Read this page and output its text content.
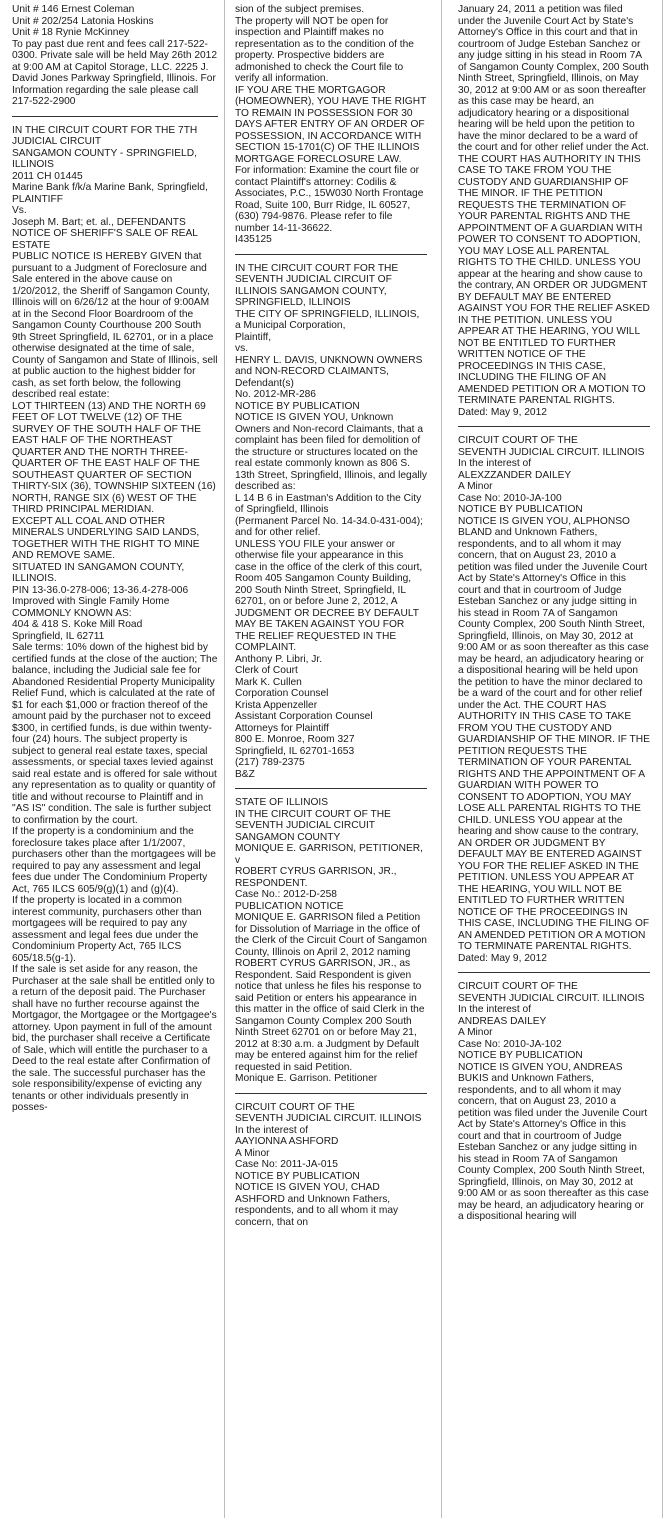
Unit # 146 Ernest Coleman
Unit # 202/254 Latonia Hoskins
Unit # 18 Rynie McKinney
To pay past due rent and fees call 217-522-0300. Private sale will be held May 26th 2012 at 9:00 AM at Capitol Storage, LLC. 2225 J. David Jones Parkway Springfield, Illinois. For Information regarding the sale please call 217-522-2900
IN THE CIRCUIT COURT FOR THE 7TH JUDICIAL CIRCUIT
SANGAMON COUNTY - SPRINGFIELD, ILLINOIS
2011 CH 01445
Marine Bank f/k/a Marine Bank, Springfield, PLAINTIFF
Vs.
Joseph M. Bart; et. al., DEFENDANTS
NOTICE OF SHERIFF'S SALE OF REAL ESTATE
PUBLIC NOTICE IS HEREBY GIVEN that pursuant to a Judgment of Foreclosure and Sale entered in the above cause on 1/20/2012, the Sheriff of Sangamon County, Illinois will on 6/26/12 at the hour of 9:00AM at in the Second Floor Boardroom of the Sangamon County Courthouse 200 South 9th Street Springfield, IL 62701, or in a place otherwise designated at the time of sale, County of Sangamon and State of Illinois, sell at public auction to the highest bidder for cash, as set forth below, the following described real estate:
LOT THIRTEEN (13) AND THE NORTH 69 FEET OF LOT TWELVE (12) OF THE SURVEY OF THE SOUTH HALF OF THE EAST HALF OF THE NORTHEAST QUARTER AND THE NORTH THREE-QUARTER OF THE EAST HALF OF THE SOUTHEAST QUARTER OF SECTION THIRTY-SIX (36), TOWNSHIP SIXTEEN (16) NORTH, RANGE SIX (6) WEST OF THE THIRD PRINCIPAL MERIDIAN.
EXCEPT ALL COAL AND OTHER MINERALS UNDERLYING SAID LANDS, TOGETHER WITH THE RIGHT TO MINE AND REMOVE SAME.
SITUATED IN SANGAMON COUNTY, ILLINOIS.
PIN 13-36.0-278-006; 13-36.4-278-006
Improved with Single Family Home
COMMONLY KNOWN AS:
404 & 418 S. Koke Mill Road
Springfield, IL 62711
Sale terms: 10% down of the highest bid by certified funds at the close of the auction; The balance, including the Judicial sale fee for Abandoned Residential Property Municipality Relief Fund, which is calculated at the rate of $1 for each $1,000 or fraction thereof of the amount paid by the purchaser not to exceed $300, in certified funds, is due within twenty-four (24) hours. The subject property is subject to general real estate taxes, special assessments, or special taxes levied against said real estate and is offered for sale without any representation as to quality or quantity of title and without recourse to Plaintiff and in "AS IS" condition. The sale is further subject to confirmation by the court.
If the property is a condominium and the foreclosure takes place after 1/1/2007, purchasers other than the mortgagees will be required to pay any assessment and legal fees due under The Condominium Property Act, 765 ILCS 605/9(g)(1) and (g)(4).
If the property is located in a common interest community, purchasers other than mortgagees will be required to pay any assessment and legal fees due under the Condominium Property Act, 765 ILCS 605/18.5(g-1).
If the sale is set aside for any reason, the Purchaser at the sale shall be entitled only to a return of the deposit paid. The Purchaser shall have no further recourse against the Mortgagor, the Mortgagee or the Mortgagee's attorney. Upon payment in full of the amount bid, the purchaser shall receive a Certificate of Sale, which will entitle the purchaser to a Deed to the real estate after Confirmation of the sale. The successful purchaser has the sole responsibility/expense of evicting any tenants or other individuals presently in posses-
sion of the subject premises.
The property will NOT be open for inspection and Plaintiff makes no representation as to the condition of the property. Prospective bidders are admonished to check the Court file to verify all information.
IF YOU ARE THE MORTGAGOR (HOMEOWNER), YOU HAVE THE RIGHT TO REMAIN IN POSSESSION FOR 30 DAYS AFTER ENTRY OF AN ORDER OF POSSESSION, IN ACCORDANCE WITH SECTION 15-1701(C) OF THE ILLINOIS MORTGAGE FORECLOSURE LAW.
For information: Examine the court file or contact Plaintiff's attorney: Codilis & Associates, P.C., 15W030 North Frontage Road, Suite 100, Burr Ridge, IL 60527, (630) 794-9876. Please refer to file number 14-11-36622.
I435125
IN THE CIRCUIT COURT FOR THE SEVENTH JUDICIAL CIRCUIT OF ILLINOIS SANGAMON COUNTY, SPRINGFIELD, ILLINOIS
THE CITY OF SPRINGFIELD, ILLINOIS, a Municipal Corporation,
Plaintiff,
vs.
HENRY L. DAVIS, UNKNOWN OWNERS and NON-RECORD CLAIMANTS,
Defendant(s)
No. 2012-MR-286
NOTICE BY PUBLICATION
NOTICE IS GIVEN YOU, Unknown Owners and Non-record Claimants, that a complaint has been filed for demolition of the structure or structures located on the real estate commonly known as 806 S. 13th Street, Springfield, Illinois, and legally described as:
L 14 B 6 in Eastman's Addition to the City of Springfield, Illinois
(Permanent Parcel No. 14-34.0-431-004); and for other relief.
UNLESS YOU FILE your answer or otherwise file your appearance in this case in the office of the clerk of this court, Room 405 Sangamon County Building, 200 South Ninth Street, Springfield, IL 62701, on or before June 2, 2012, A JUDGMENT OR DECREE BY DEFAULT MAY BE TAKEN AGAINST YOU FOR THE RELIEF REQUESTED IN THE COMPLAINT.
Anthony P. Libri, Jr.
Clerk of Court
Mark K. Cullen
Corporation Counsel
Krista Appenzeller
Assistant Corporation Counsel
Attorneys for Plaintiff
800 E. Monroe, Room 327
Springfield, IL 62701-1653
(217) 789-2375
B&Z
STATE OF ILLINOIS
IN THE CIRCUIT COURT OF THE SEVENTH JUDICIAL CIRCUIT SANGAMON COUNTY
MONIQUE E. GARRISON, PETITIONER,
v
ROBERT CYRUS GARRISON, JR., RESPONDENT.
Case No.: 2012-D-258
PUBLICATION NOTICE
MONIQUE E. GARRISON filed a Petition for Dissolution of Marriage in the office of the Clerk of the Circuit Court of Sangamon County, Illinois on April 2, 2012 naming ROBERT CYRUS GARRISON, JR., as Respondent. Said Respondent is given notice that unless he files his response to said Petition or enters his appearance in this matter in the office of said Clerk in the Sangamon County Complex 200 South Ninth Street 62701 on or before May 21, 2012 at 8:30 a.m. a Judgment by Default may be entered against him for the relief requested in said Petition.
Monique E. Garrison. Petitioner
CIRCUIT COURT OF THE
SEVENTH JUDICIAL CIRCUIT. ILLINOIS
In the interest of
AAYIONNA ASHFORD
A Minor
Case No: 2011-JA-015
NOTICE BY PUBLICATION
NOTICE IS GIVEN YOU, CHAD ASHFORD and Unknown Fathers, respondents, and to all whom it may concern, that on
January 24, 2011 a petition was filed under the Juvenile Court Act by State's Attorney's Office in this court and that in courtroom of Judge Esteban Sanchez or any judge sitting in his stead in Room 7A of Sangamon County Complex, 200 South Ninth Street, Springfield, Illinois, on May 30, 2012 at 9:00 AM or as soon thereafter as this case may be heard, an adjudicatory hearing or a dispositional hearing will be held upon the petition to have the minor declared to be a ward of the court and for other relief under the Act. THE COURT HAS AUTHORITY IN THIS CASE TO TAKE FROM YOU THE CUSTODY AND GUARDIANSHIP OF THE MINOR. IF THE PETITION REQUESTS THE TERMINATION OF YOUR PARENTAL RIGHTS AND THE APPOINTMENT OF A GUARDIAN WITH POWER TO CONSENT TO ADOPTION, YOU MAY LOSE ALL PARENTAL RIGHTS TO THE CHILD. UNLESS YOU appear at the hearing and show cause to the contrary, AN ORDER OR JUDGMENT BY DEFAULT MAY BE ENTERED AGAINST YOU FOR THE RELIEF ASKED IN THE PETITION. UNLESS YOU APPEAR AT THE HEARING, YOU WILL NOT BE ENTITLED TO FURTHER WRITTEN NOTICE OF THE PROCEEDINGS IN THIS CASE, INCLUDING THE FILING OF AN AMENDED PETITION OR A MOTION TO TERMINATE PARENTAL RIGHTS.
Dated: May 9, 2012
CIRCUIT COURT OF THE
SEVENTH JUDICIAL CIRCUIT. ILLINOIS
In the interest of
ALEXZZANDER DAILEY
A Minor
Case No: 2010-JA-100
NOTICE BY PUBLICATION
NOTICE IS GIVEN YOU, ALPHONSO BLAND and Unknown Fathers, respondents, and to all whom it may concern, that on August 23, 2010 a petition was filed under the Juvenile Court Act by State's Attorney's Office in this court and that in courtroom of Judge Esteban Sanchez or any judge sitting in his stead in Room 7A of Sangamon County Complex, 200 South Ninth Street, Springfield, Illinois, on May 30, 2012 at 9:00 AM or as soon thereafter as this case may be heard, an adjudicatory hearing or a dispositional hearing will be held upon the petition to have the minor declared to be a ward of the court and for other relief under the Act. THE COURT HAS AUTHORITY IN THIS CASE TO TAKE FROM YOU THE CUSTODY AND GUARDIANSHIP OF THE MINOR. IF THE PETITION REQUESTS THE TERMINATION OF YOUR PARENTAL RIGHTS AND THE APPOINTMENT OF A GUARDIAN WITH POWER TO CONSENT TO ADOPTION, YOU MAY LOSE ALL PARENTAL RIGHTS TO THE CHILD. UNLESS YOU appear at the hearing and show cause to the contrary, AN ORDER OR JUDGMENT BY DEFAULT MAY BE ENTERED AGAINST YOU FOR THE RELIEF ASKED IN THE PETITION. UNLESS YOU APPEAR AT THE HEARING, YOU WILL NOT BE ENTITLED TO FURTHER WRITTEN NOTICE OF THE PROCEEDINGS IN THIS CASE, INCLUDING THE FILING OF AN AMENDED PETITION OR A MOTION TO TERMINATE PARENTAL RIGHTS.
Dated: May 9, 2012
CIRCUIT COURT OF THE
SEVENTH JUDICIAL CIRCUIT. ILLINOIS
In the interest of
ANDREAS DAILEY
A Minor
Case No: 2010-JA-102
NOTICE BY PUBLICATION
NOTICE IS GIVEN YOU, ANDREAS BUKIS and Unknown Fathers, respondents, and to all whom it may concern, that on August 23, 2010 a petition was filed under the Juvenile Court Act by State's Attorney's Office in this court and that in courtroom of Judge Esteban Sanchez or any judge sitting in his stead in Room 7A of Sangamon County Complex, 200 South Ninth Street, Springfield, Illinois, on May 30, 2012 at 9:00 AM or as soon thereafter as this case may be heard, an adjudicatory hearing or a dispositional hearing will
